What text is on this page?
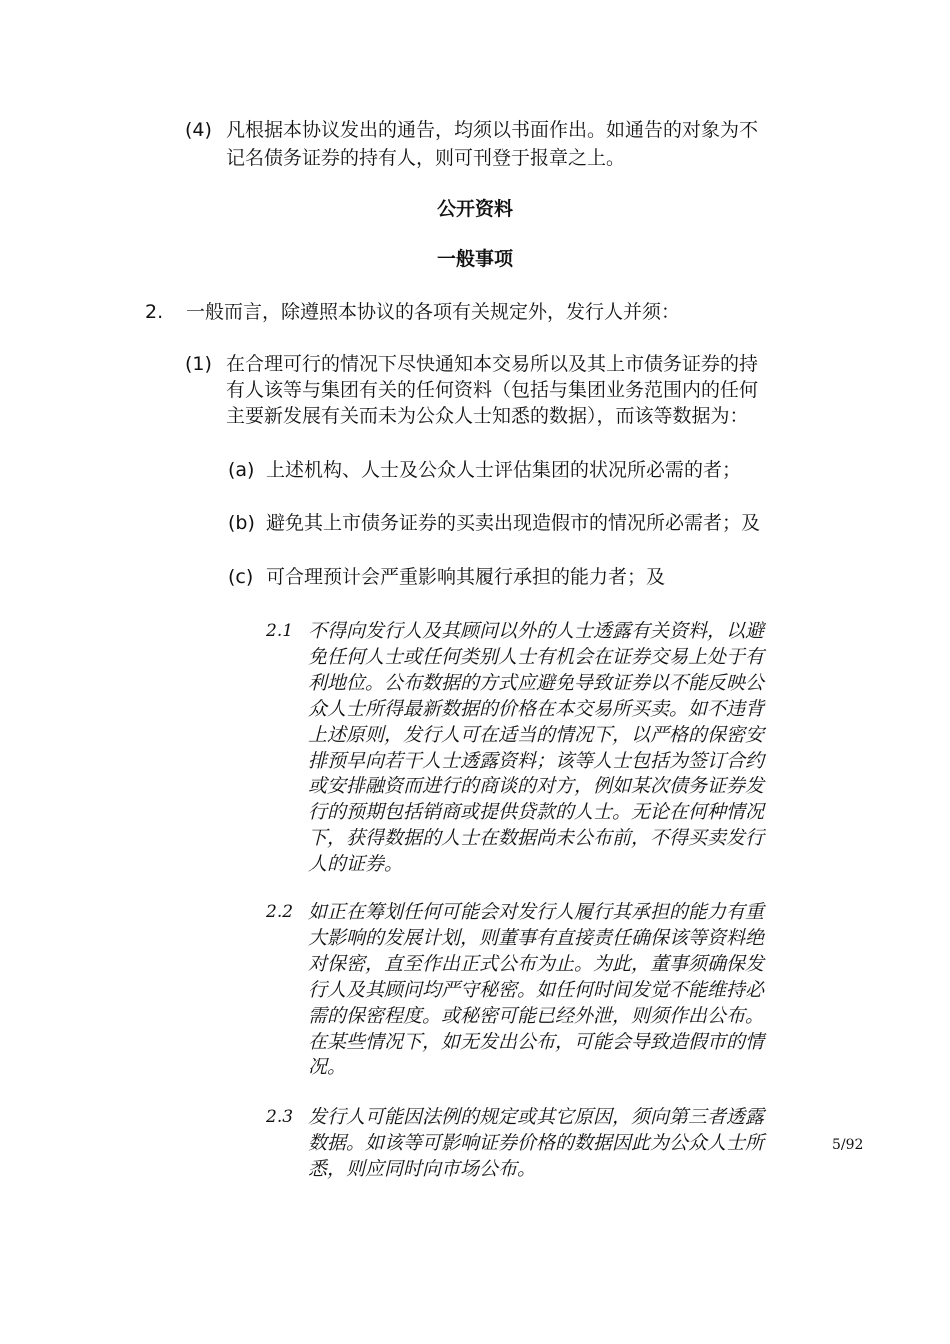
(4) 凡根据本协议发出的通告，均须以书面作出。如通告的对象为不
记名债务证券的持有人，则可刊登于报章之上。
公开资料
一般事项
2. 一般而言，除遵照本协议的各项有关规定外，发行人并须：
(1) 在合理可行的情况下尽快通知本交易所以及其上市债务证券的持
有人该等与集团有关的任何资料（包括与集团业务范围内的任何
主要新发展有关而未为公众人士知悉的数据），而该等数据为：
(a) 上述机构、人士及公众人士评估集团的状况所必需的者；
(b) 避免其上市债务证券的买卖出现造假市的情况所必需者；及
(c) 可合理预计会严重影响其履行承担的能力者；及
2.1 不得向发行人及其顾问以外的人士透露有关资料，以避
免任何人士或任何类别人士有机会在证券交易上处于有
利地位。公布数据的方式应避免导致证券以不能反映公
众人士所得最新数据的价格在本交易所买卖。如不违背
上述原则，发行人可在适当的情况下，以严格的保密安
排预早向若干人士透露资料；该等人士包括为签订合约
或安排融资而进行的商谈的对方，例如某次债务证券发
行的预期包括销商或提供贷款的人士。无论在何种情况
下，获得数据的人士在数据尚未公布前，不得买卖发行
人的证券。
2.2 如正在筹划任何可能会对发行人履行其承担的能力有重
大影响的发展计划，则董事有直接责任确保该等资料绝
对保密，直至作出正式公布为止。为此，董事须确保发
行人及其顾问均严守秘密。如任何时间发觉不能维持必
需的保密程度。或秘密可能已经外泄，则须作出公布。
在某些情况下，如无发出公布，可能会导致造假市的情
况。
2.3 发行人可能因法例的规定或其它原因，须向第三者透露
数据。如该等可影响证券价格的数据因此为公众人士所
悉，则应同时向市场公布。
5/92
